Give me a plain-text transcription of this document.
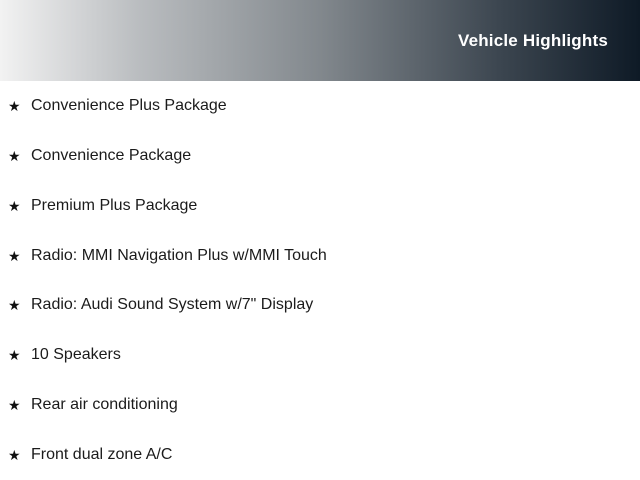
Vehicle Highlights
★ Convenience Plus Package
★ Convenience Package
★ Premium Plus Package
★ Radio: MMI Navigation Plus w/MMI Touch
★ Radio: Audi Sound System w/7" Display
★ 10 Speakers
★ Rear air conditioning
★ Front dual zone A/C
